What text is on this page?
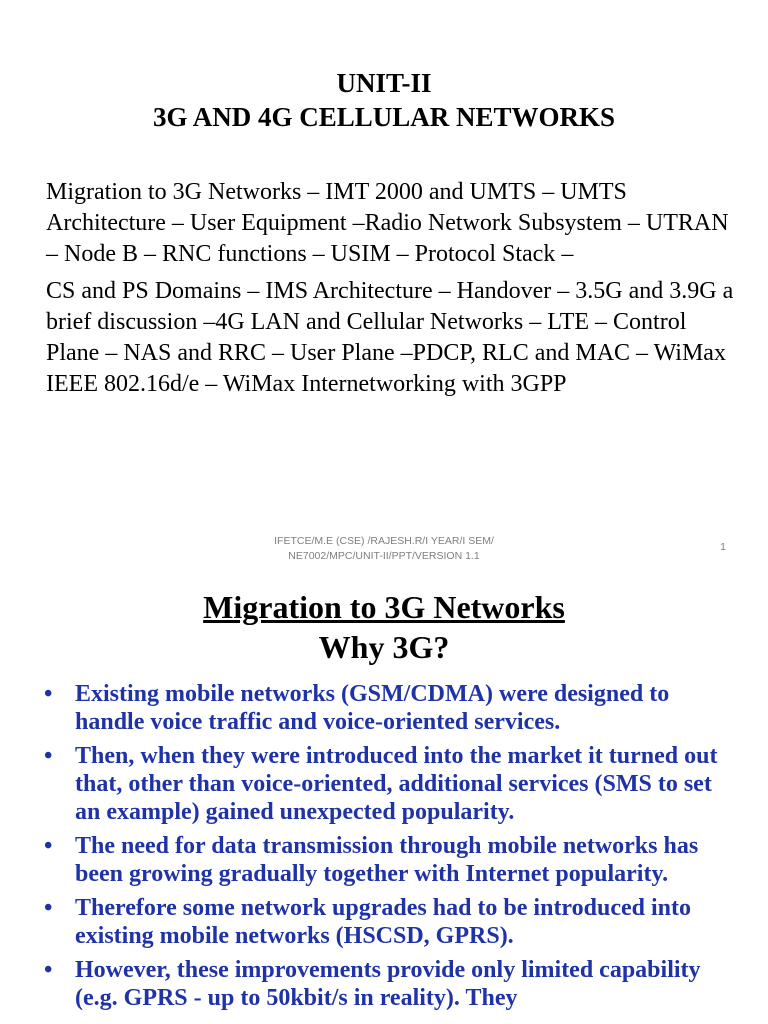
UNIT-II
3G AND 4G CELLULAR NETWORKS

Migration to 3G Networks – IMT 2000 and UMTS – UMTS Architecture – User Equipment –Radio Network Subsystem – UTRAN – Node B – RNC functions – USIM – Protocol Stack –

CS and PS Domains – IMS Architecture – Handover – 3.5G and 3.9G a brief discussion –4G LAN and Cellular Networks – LTE – Control Plane – NAS and RRC – User Plane –PDCP, RLC and MAC – WiMax IEEE 802.16d/e – WiMax Internetworking with 3GPP

IFETCE/M.E (CSE) /RAJESH.R/I YEAR/I SEM/
NE7002/MPC/UNIT-II/PPT/VERSION 1.1
1
Migration to 3G Networks
Why 3G?
• Existing mobile networks (GSM/CDMA) were designed to handle voice traffic and voice-oriented services.
• Then, when they were introduced into the market it turned out that, other than voice-oriented, additional services (SMS to set an example) gained unexpected popularity.
• The need for data transmission through mobile networks has been growing gradually together with Internet popularity.
• Therefore some network upgrades had to be introduced into existing mobile networks (HSCSD, GPRS).
• However, these improvements provide only limited capability (e.g. GPRS - up to 50kbit/s in reality). They
